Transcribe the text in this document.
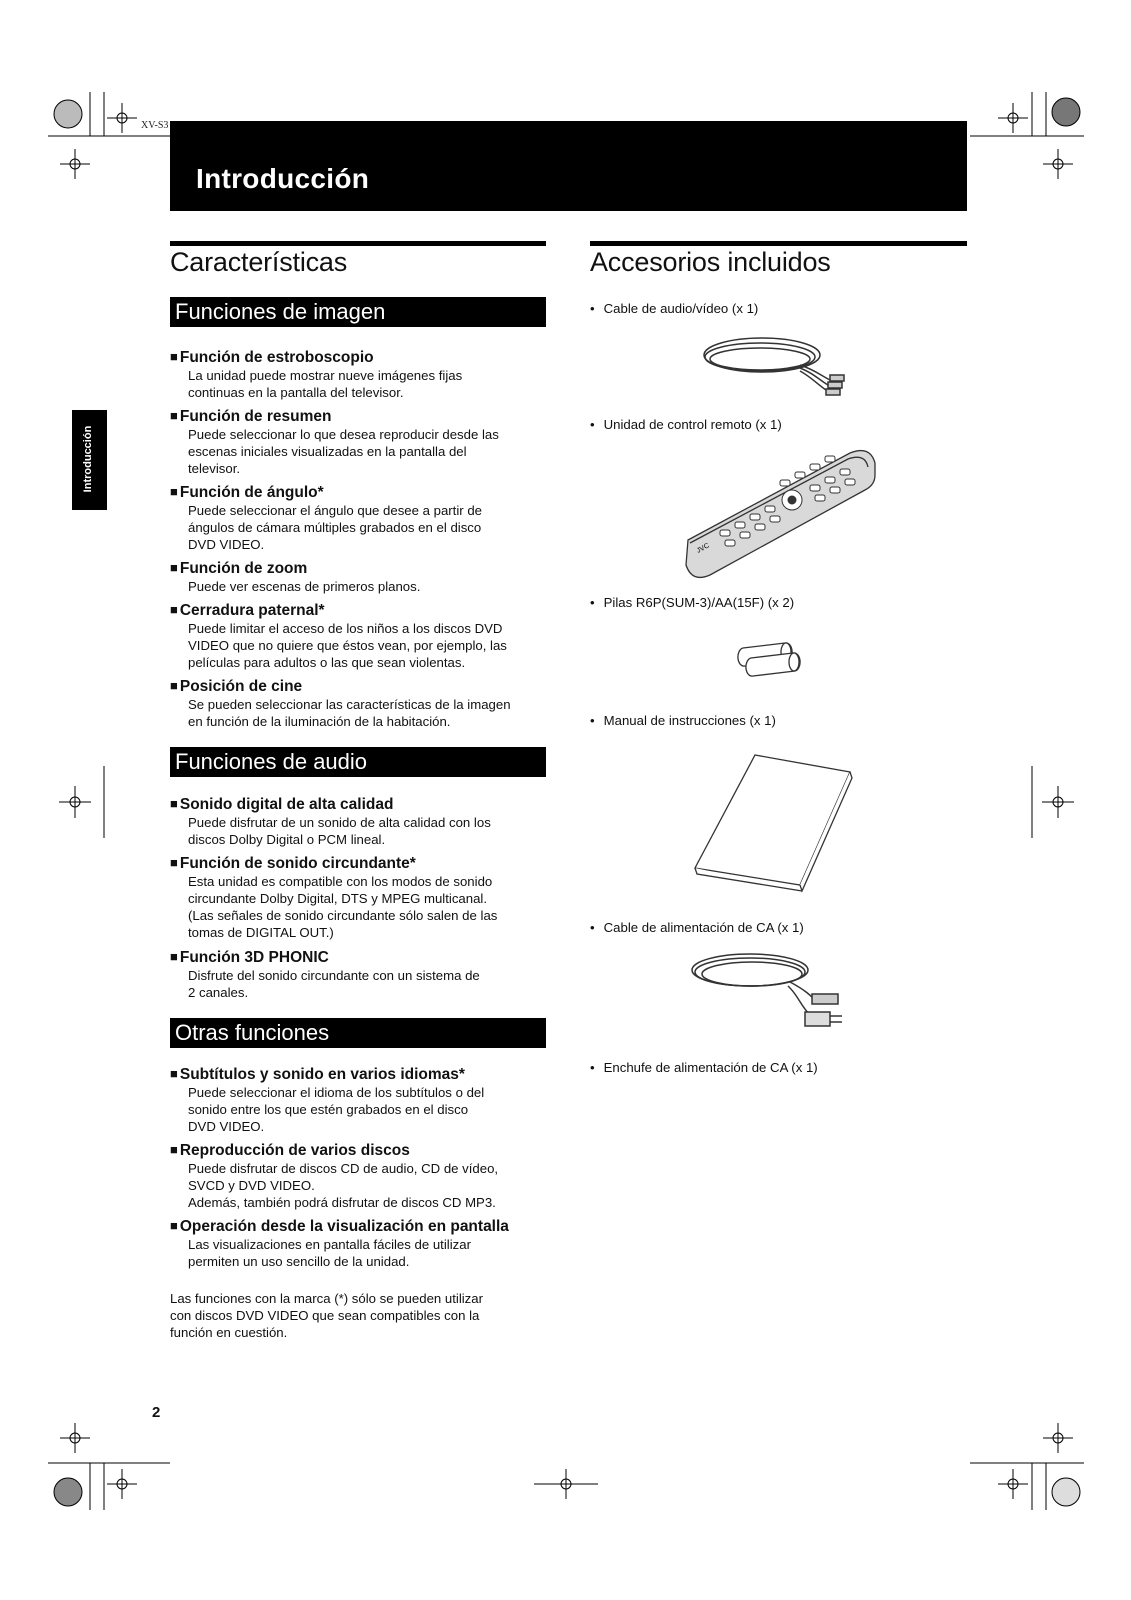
XV-S3
Introducción
Introducción
Características
Funciones de imagen
■ Función de estroboscopio
La unidad puede mostrar nueve imágenes fijas
continuas en la pantalla del televisor.
■ Función de resumen
Puede seleccionar lo que desea reproducir desde las
escenas iniciales visualizadas en la pantalla del
televisor.
■ Función de ángulo*
Puede seleccionar el ángulo que desee a partir de
ángulos de cámara múltiples grabados en el disco
DVD VIDEO.
■ Función de zoom
Puede ver escenas de primeros planos.
■ Cerradura paternal*
Puede limitar el acceso de los niños a los discos DVD
VIDEO que no quiere que éstos vean, por ejemplo, las
películas para adultos o las que sean violentas.
■ Posición de cine
Se pueden seleccionar las características de la imagen
en función de la iluminación de la habitación.
Funciones de audio
■ Sonido digital de alta calidad
Puede disfrutar de un sonido de alta calidad con los
discos Dolby Digital o PCM lineal.
■ Función de sonido circundante*
Esta unidad es compatible con los modos de sonido
circundante Dolby Digital, DTS y MPEG multicanal.
(Las señales de sonido circundante sólo salen de las
tomas de DIGITAL OUT.)
■ Función 3D PHONIC
Disfrute del sonido circundante con un sistema de
2 canales.
Otras funciones
■ Subtítulos y sonido en varios idiomas*
Puede seleccionar el idioma de los subtítulos o del
sonido entre los que estén grabados en el disco
DVD VIDEO.
■ Reproducción de varios discos
Puede disfrutar de discos CD de audio, CD de vídeo,
SVCD y DVD VIDEO.
Además, también podrá disfrutar de discos CD MP3.
■ Operación desde la visualización en pantalla
Las visualizaciones en pantalla fáciles de utilizar
permiten un uso sencillo de la unidad.
Las funciones con la marca (*) sólo se pueden utilizar
con discos DVD VIDEO que sean compatibles con la
función en cuestión.
Accesorios incluidos
• Cable de audio/vídeo (x 1)
• Unidad de control remoto (x 1)
JVC
• Pilas R6P(SUM-3)/AA(15F) (x 2)
• Manual de instrucciones (x 1)
• Cable de alimentación de CA (x 1)
• Enchufe de alimentación de CA (x 1)
2
